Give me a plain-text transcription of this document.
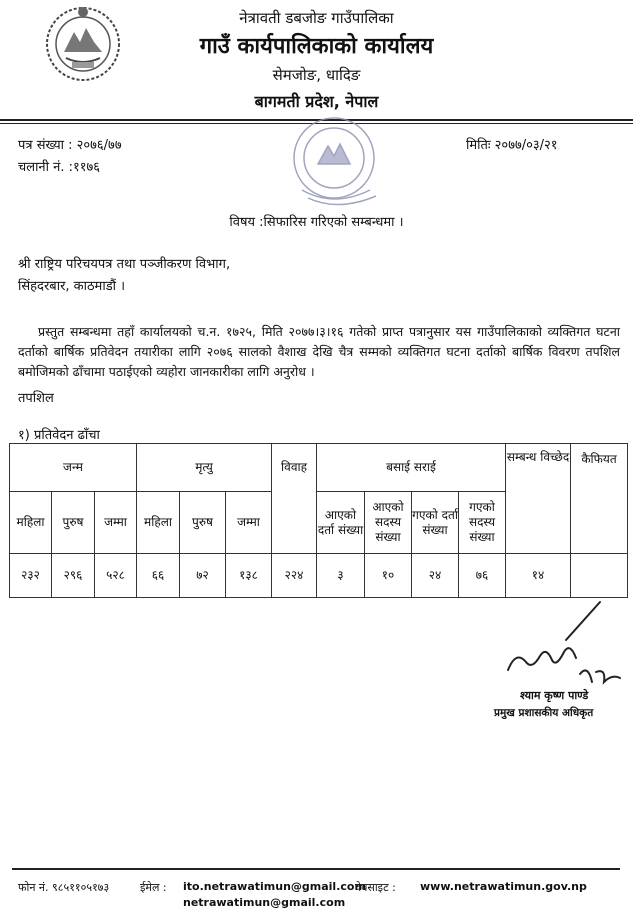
नेत्रावती डबजोङ गाउँपालिका
गाउँ कार्यपालिकाको कार्यालय
सेमजोङ, धादिङ
बागमती प्रदेश, नेपाल
पत्र संख्या : २०७६/७७
चलानी नं. :११७६
मितिः २०७७/०३/२१
विषय :सिफारिस गरिएको सम्बन्धमा ।
श्री राष्ट्रिय परिचयपत्र तथा पञ्जीकरण विभाग,
सिंहदरबार, काठमाडौं ।
प्रस्तुत सम्बन्धमा तहाँ कार्यालयको च.न. १७२५, मिति २०७७।३।१६ गतेको प्राप्त पत्रानुसार यस गाउँपालिकाको व्यक्तिगत घटना दर्ताको बार्षिक प्रतिवेदन तयारीका लागि २०७६ सालको वैशाख देखि चैत्र सम्मको व्यक्तिगत घटना दर्ताको बार्षिक विवरण तपशिल बमोजिमको ढाँचामा पठाईएको व्यहोरा जानकारीका लागि अनुरोध ।
तपशिल
१) प्रतिवेदन ढाँचा
जन्म			मृत्यु			विवाह	बसाई सराई				सम्बन्ध विच्छेद	कैफियत
महिला	पुरुष	जम्मा	महिला	पुरुष	जम्मा		आएको दर्ता संख्या	आएको सदस्य संख्या	गएको दर्ता संख्या	गएको सदस्य संख्या		
२३२	२९६	५२८	६६	७२	१३८	२२४	३	१०	२४	७६	१४	
श्याम कृष्ण पाण्डे
प्रमुख प्रशासकीय अधिकृत
फोन नं. ९८५११०५१७३	ईमेल : ito.netrawatimun@gmail.com
वेबसाइट : www.netrawatimun.gov.np
netrawatimun@gmail.com
